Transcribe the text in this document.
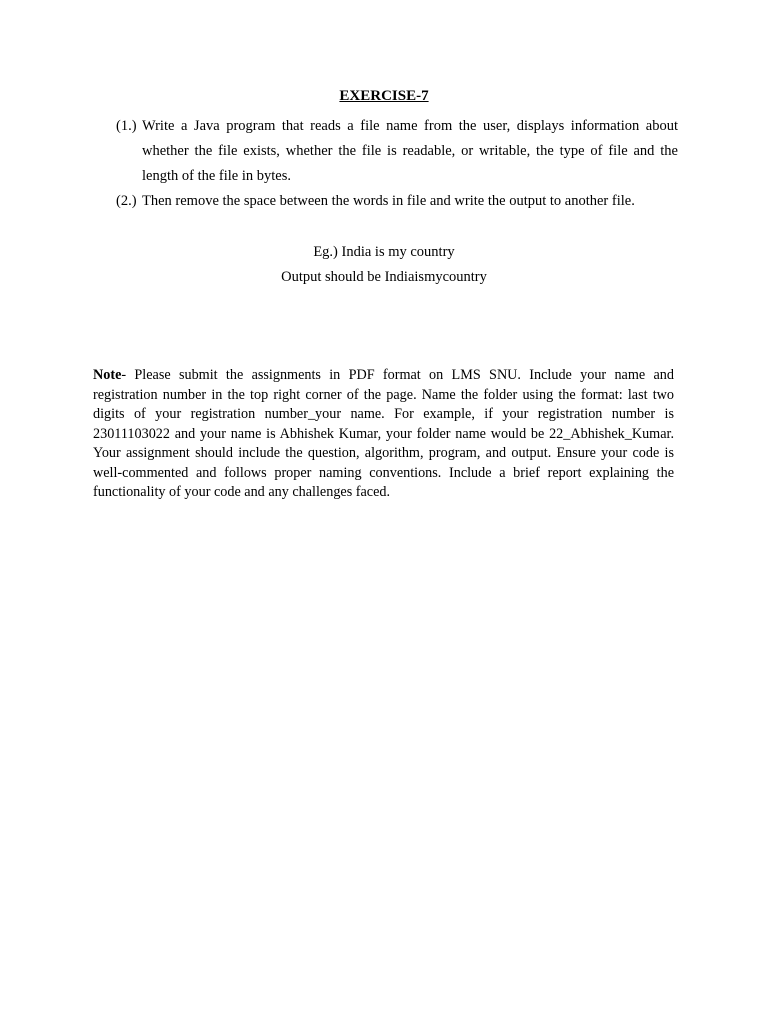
EXERCISE-7
(1.) Write a Java program that reads a file name from the user, displays information about whether the file exists, whether the file is readable, or writable, the type of file and the length of the file in bytes.
(2.) Then remove the space between the words in file and write the output to another file.
Eg.) India is my country
Output should be Indiaismycountry
Note- Please submit the assignments in PDF format on LMS SNU. Include your name and registration number in the top right corner of the page. Name the folder using the format: last two digits of your registration number_your name. For example, if your registration number is 23011103022 and your name is Abhishek Kumar, your folder name would be 22_Abhishek_Kumar. Your assignment should include the question, algorithm, program, and output. Ensure your code is well-commented and follows proper naming conventions. Include a brief report explaining the functionality of your code and any challenges faced.
